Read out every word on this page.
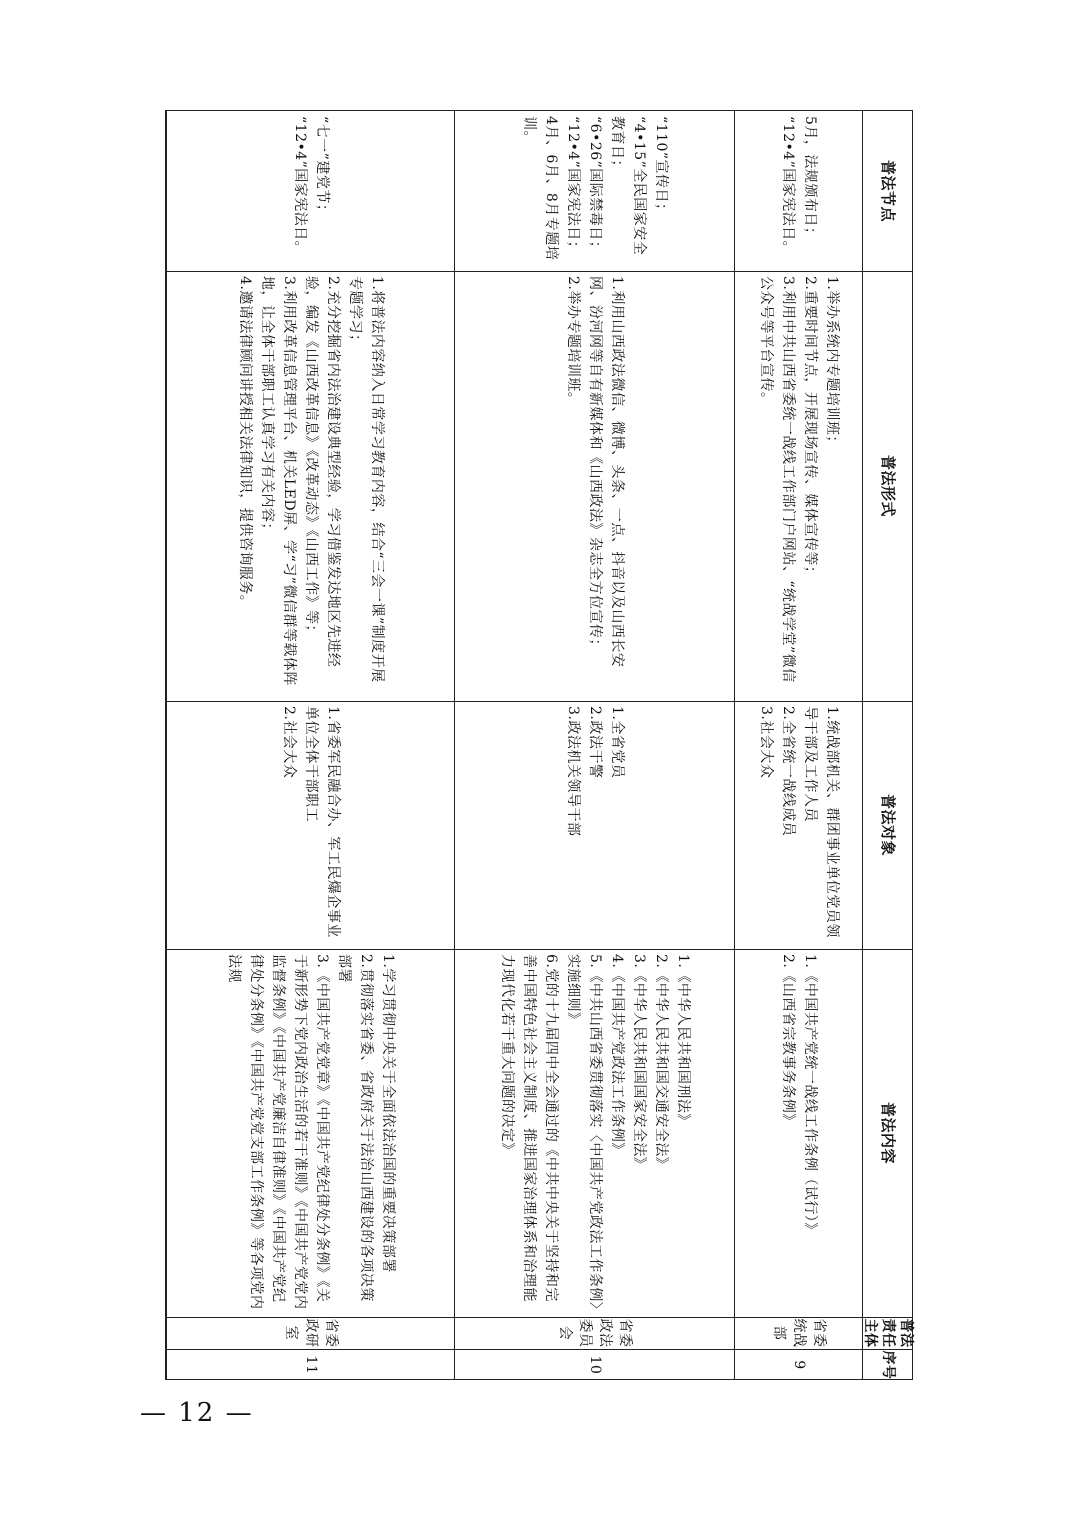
普法节点
普法形式
普法对象
普法内容
普法责任主体
序号
5月，法规颁布日；
“12•4”国家宪法日。
1.举办系统内专题培训班；
2.重要时间节点，开展现场宣传、媒体宣传等；
3.利用中共山西省委统一战线工作部门户网站、“统战学堂”微信公众号等平台宣传。
1.统战部机关、群团事业单位党员领导干部及工作人员
2.全省统一战线成员
3.社会大众
1.《中国共产党统一战线工作条例（试行）》
2.《山西省宗教事务条例》
省委统战部
9
“110”宣传日；
“4•15”全民国家安全教育日；
“6•26”国际禁毒日；
“12•4”国家宪法日；
4月、6月、8月专题培训。
1.利用山西政法微信、微博、头条、一点、抖音以及山西长安网、汾河网等自有新媒体和《山西政法》杂志全方位宣传；
2.举办专题培训班。
1.全省党员
2.政法干警
3.政法机关领导干部
1.《中华人民共和国刑法》
2.《中华人民共和国交通安全法》
3.《中华人民共和国国家安全法》
4.《中国共产党政法工作条例》
5.《中共山西省委贯彻落实〈中国共产党政法工作条例〉实施细则》
6.党的十九届四中全会通过的《中共中央关于坚持和完善中国特色社会主义制度、推进国家治理体系和治理能力现代化若干重大问题的决定》
省委政法委员会
10
“七一”建党节；
“12•4”国家宪法日。
1.将普法内容纳入日常学习教育内容，结合“三会一课”制度开展专题学习；
2.充分挖掘省内法治建设典型经验，学习借鉴发达地区先进经验，编发《山西改革信息》《改革动态》《山西工作》等；
3.利用改革信息管理平台、机关LED屏、学“习”微信群等载体阵地，让全体干部职工认真学习有关内容；
4.邀请法律顾问讲授相关法律知识，提供咨询服务。
1.省委军民融合办、军工民爆企事业单位全体干部职工
2.社会大众
1.学习贯彻中央关于全面依法治国的重要决策部署
2.贯彻落实省委、省政府关于法治山西建设的各项决策部署
3.《中国共产党党章》《中国共产党纪律处分条例》《关于新形势下党内政治生活的若干准则》《中国共产党党内监督条例》《中国共产党廉洁自律准则》《中国共产党纪律处分条例》《中国共产党党支部工作条例》等各项党内法规
省委政研室
11
— 12 —
